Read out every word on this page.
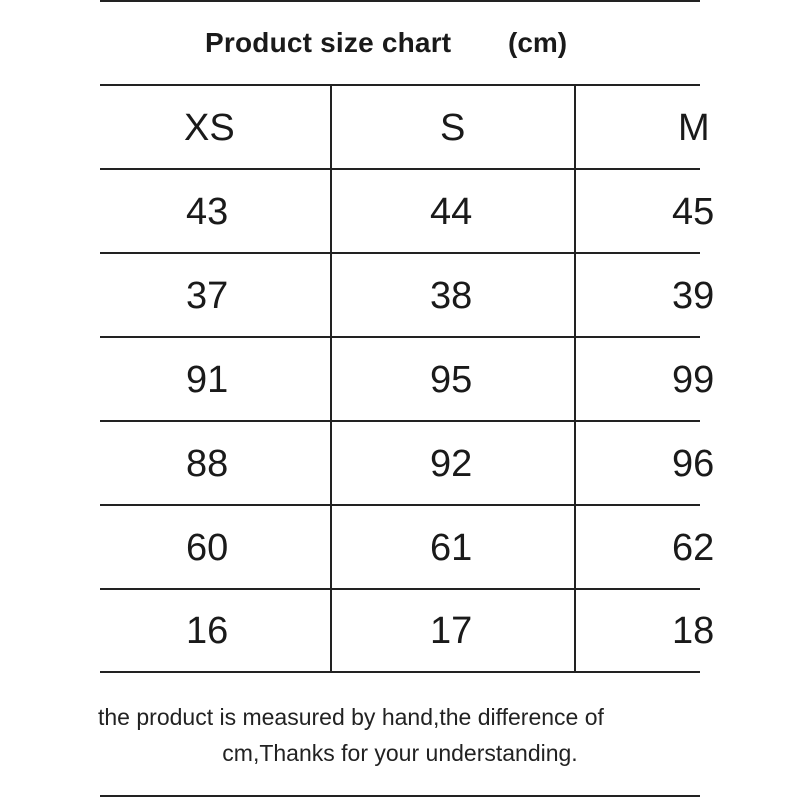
Product size chart (cm)
XS	S	M
43	44	45
37	38	39
91	95	99
88	92	96
60	61	62
16	17	18
the product is measured by hand,the difference of
cm,Thanks for your understanding.
